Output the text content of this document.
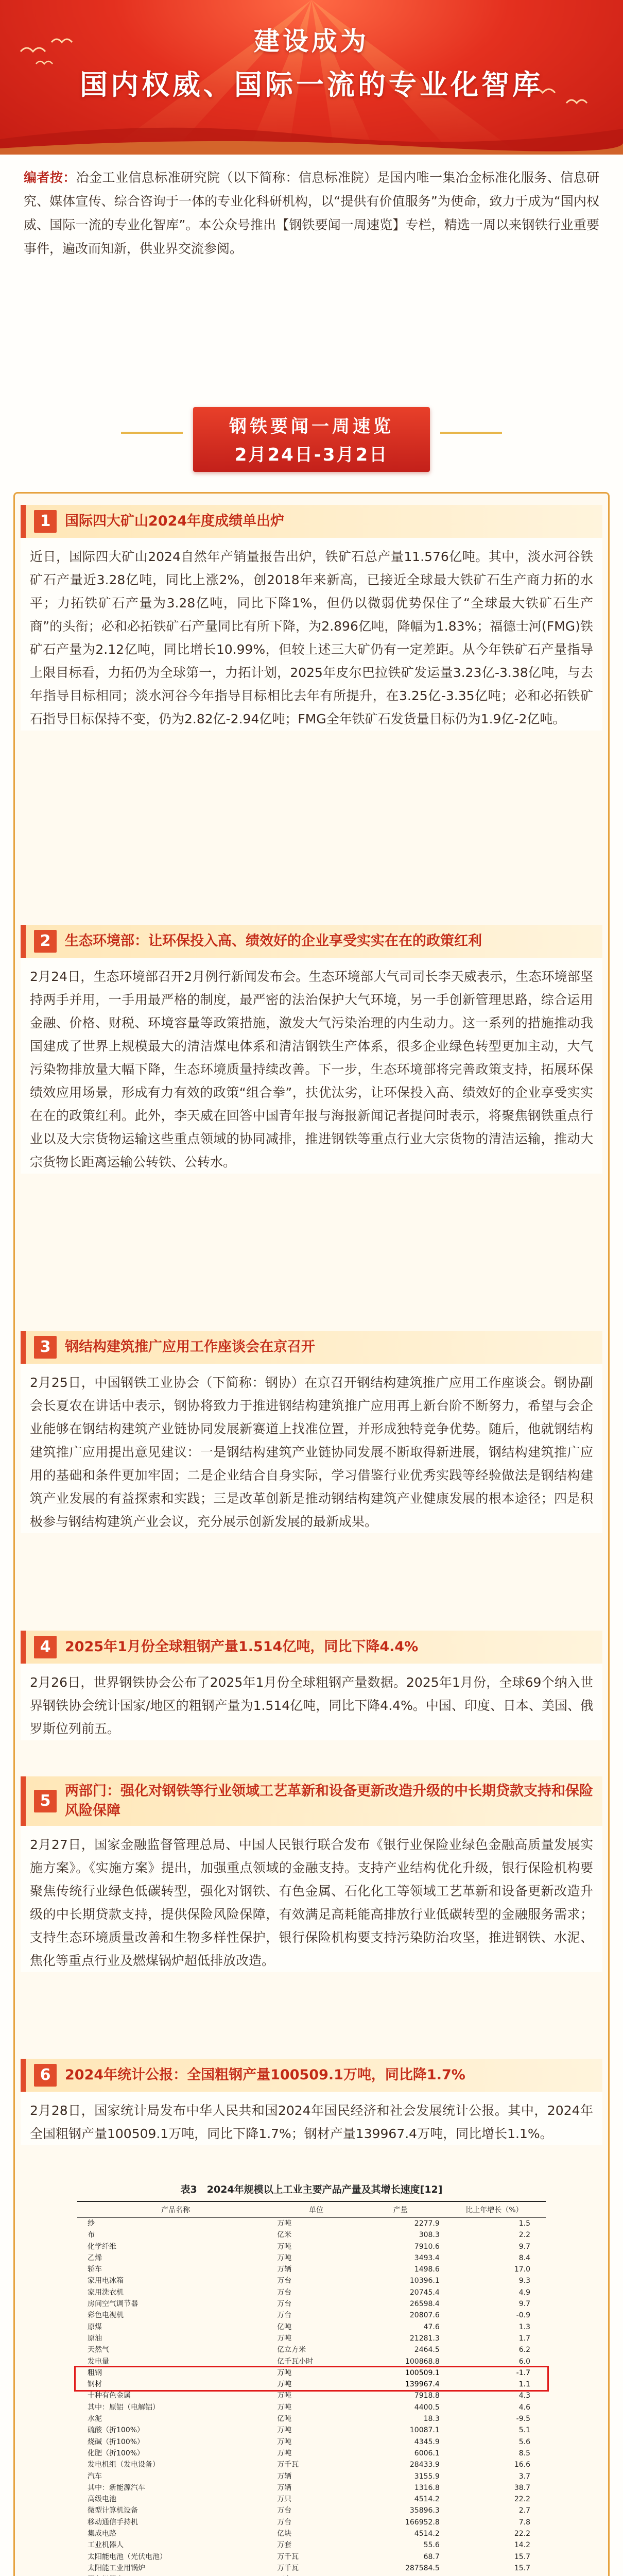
建设成为
国内权威、国际一流的专业化智库
编者按：冶金工业信息标准研究院（以下简称：信息标准院）是国内唯一集冶金标准化服务、信息研究、媒体宣传、综合咨询于一体的专业化科研机构，以“提供有价值服务”为使命，致力于成为“国内权威、国际一流的专业化智库”。本公众号推出【钢铁要闻一周速览】专栏，精选一周以来钢铁行业重要事件，遍改而知新，供业界交流参阅。
钢铁要闻一周速览
2月24日-3月2日
1	国际四大矿山2024年度成绩单出炉
近日，国际四大矿山2024自然年产销量报告出炉，铁矿石总产量11.576亿吨。其中，淡水河谷铁矿石产量近3.28亿吨，同比上涨2%，创2018年来新高，已接近全球最大铁矿石生产商力拓的水平；力拓铁矿石产量为3.28亿吨，同比下降1%，但仍以微弱优势保住了“全球最大铁矿石生产商”的头衔；必和必拓铁矿石产量同比有所下降，为2.896亿吨，降幅为1.83%；福德士河(FMG)铁矿石产量为2.12亿吨，同比增长10.99%，但较上述三大矿仍有一定差距。从今年铁矿石产量指导上限目标看，力拓仍为全球第一，力拓计划，2025年皮尔巴拉铁矿发运量3.23亿-3.38亿吨，与去年指导目标相同；淡水河谷今年指导目标相比去年有所提升，在3.25亿-3.35亿吨；必和必拓铁矿石指导目标保持不变，仍为2.82亿-2.94亿吨；FMG全年铁矿石发货量目标仍为1.9亿-2亿吨。
2	生态环境部：让环保投入高、绩效好的企业享受实实在在的政策红利
2月24日，生态环境部召开2月例行新闻发布会。生态环境部大气司司长李天威表示，生态环境部坚持两手并用，一手用最严格的制度，最严密的法治保护大气环境，另一手创新管理思路，综合运用金融、价格、财税、环境容量等政策措施，激发大气污染治理的内生动力。这一系列的措施推动我国建成了世界上规模最大的清洁煤电体系和清洁钢铁生产体系，很多企业绿色转型更加主动，大气污染物排放量大幅下降，生态环境质量持续改善。下一步，生态环境部将完善政策支持，拓展环保绩效应用场景，形成有力有效的政策“组合拳”，扶优汰劣，让环保投入高、绩效好的企业享受实实在在的政策红利。此外，李天威在回答中国青年报与海报新闻记者提问时表示，将聚焦钢铁重点行业以及大宗货物运输这些重点领域的协同减排，推进钢铁等重点行业大宗货物的清洁运输，推动大宗货物长距离运输公转铁、公转水。
3	钢结构建筑推广应用工作座谈会在京召开
2月25日，中国钢铁工业协会（下简称：钢协）在京召开钢结构建筑推广应用工作座谈会。钢协副会长夏农在讲话中表示，钢协将致力于推进钢结构建筑推广应用再上新台阶不断努力，希望与会企业能够在钢结构建筑产业链协同发展新赛道上找准位置，并形成独特竞争优势。随后，他就钢结构建筑推广应用提出意见建议：一是钢结构建筑产业链协同发展不断取得新进展，钢结构建筑推广应用的基础和条件更加牢固；二是企业结合自身实际，学习借鉴行业优秀实践等经验做法是钢结构建筑产业发展的有益探索和实践；三是改革创新是推动钢结构建筑产业健康发展的根本途径；四是积极参与钢结构建筑产业会议，充分展示创新发展的最新成果。
4	2025年1月份全球粗钢产量1.514亿吨，同比下降4.4%
2月26日，世界钢铁协会公布了2025年1月份全球粗钢产量数据。2025年1月份，全球69个纳入世界钢铁协会统计国家/地区的粗钢产量为1.514亿吨，同比下降4.4%。中国、印度、日本、美国、俄罗斯位列前五。
5
两部门：强化对钢铁等行业领域工艺革新和设备更新改造升级的中长期贷款支持和保险风险保障
2月27日，国家金融监督管理总局、中国人民银行联合发布《银行业保险业绿色金融高质量发展实施方案》。《实施方案》提出，加强重点领域的金融支持。支持产业结构优化升级，银行保险机构要聚焦传统行业绿色低碳转型，强化对钢铁、有色金属、石化化工等领域工艺革新和设备更新改造升级的中长期贷款支持，提供保险风险保障，有效满足高耗能高排放行业低碳转型的金融服务需求；支持生态环境质量改善和生物多样性保护，银行保险机构要支持污染防治攻坚，推进钢铁、水泥、焦化等重点行业及燃煤锅炉超低排放改造。
6	2024年统计公报：全国粗钢产量100509.1万吨，同比降1.7%
2月28日，国家统计局发布中华人民共和国2024年国民经济和社会发展统计公报。其中，2024年全国粗钢产量100509.1万吨，同比下降1.7%；钢材产量139967.4万吨，同比增长1.1%。
表3　2024年规模以上工业主要产品产量及其增长速度[12]
产品名称	单位	产量	比上年增长（%）
纱	万吨	2277.9	1.5
布	亿米	308.3	2.2
化学纤维	万吨	7910.6	9.7
乙烯	万吨	3493.4	8.4
轿车	万辆	1498.6	17.0
家用电冰箱	万台	10396.1	9.3
家用洗衣机	万台	20745.4	4.9
房间空气调节器	万台	26598.4	9.7
彩色电视机	万台	20807.6	-0.9
原煤	亿吨	47.6	1.3
原油	万吨	21281.3	1.7
天然气	亿立方米	2464.5	6.2
发电量	亿千瓦小时	100868.8	6.0
粗钢	万吨	100509.1	-1.7
钢材	万吨	139967.4	1.1
十种有色金属	万吨	7918.8	4.3
其中：原铝（电解铝）	万吨	4400.5	4.6
水泥	亿吨	18.3	-9.5
硫酸（折100%）	万吨	10087.1	5.1
烧碱（折100%）	万吨	4345.9	5.6
化肥（折100%）	万吨	6006.1	8.5
发电机组（发电设备）	万千瓦	28433.9	16.6
汽车	万辆	3155.9	3.7
其中：新能源汽车	万辆	1316.8	38.7
高级电池	万只	4514.2	22.2
微型计算机设备	万台	35896.3	2.7
移动通信手持机	万台	166952.8	7.8
集成电路	亿块	4514.2	22.2
工业机器人	万套	55.6	14.2
太阳能电池（光伏电池）	万千瓦	68.7	15.7
太阳能工业用锅炉	万千瓦	287584.5	15.7
